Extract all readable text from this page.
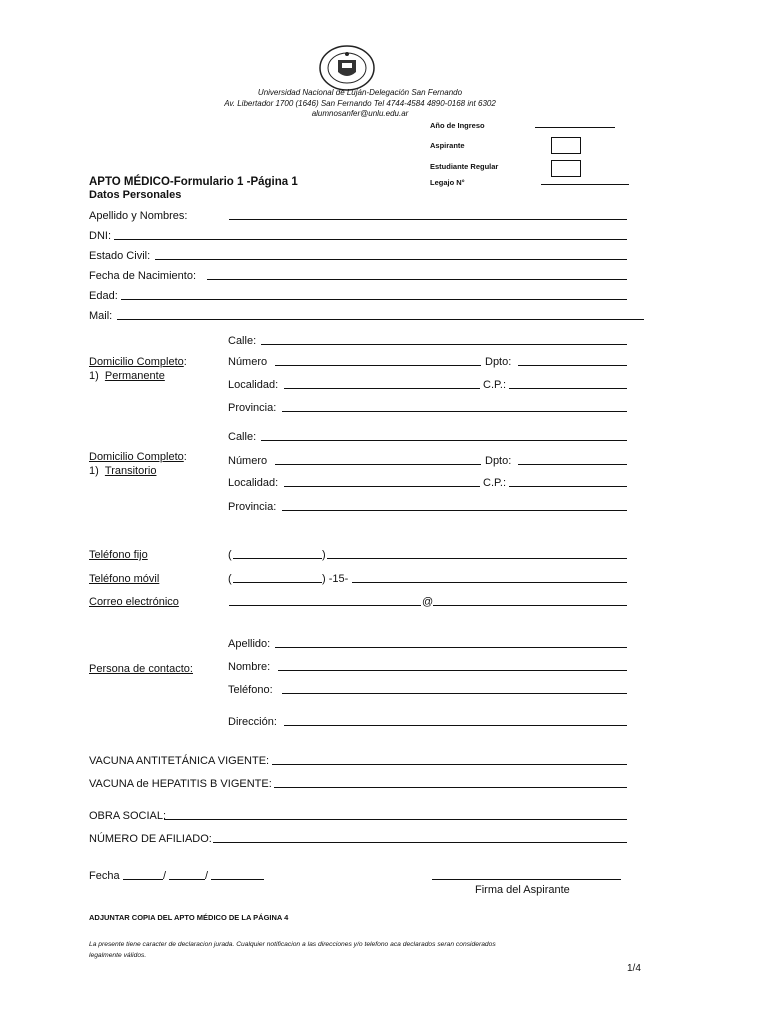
Universidad Nacional de Luján-Delegación San Fernando
Av. Libertador 1700 (1646) San Fernando Tel 4744-4584 4890-0168 int 6302
alumnosanfer@unlu.edu.ar
Año de Ingreso
Aspirante
Estudiante Regular
Legajo N°
APTO MÉDICO-Formulario 1 -Página 1
Datos Personales
Apellido y Nombres:
DNI:
Estado Civil:
Fecha de Nacimiento:
Edad:
Mail:
Calle:
Domicilio Completo:
1) Permanente
Número	Dpto:
Localidad:	C.P.:
Provincia:
Calle:
Domicilio Completo:
1) Transitorio
Número	Dpto:
Localidad:	C.P.:
Provincia:
Teléfono fijo	(	)
Teléfono móvil	(	) -15-
Correo electrónico	@
Apellido:
Persona de contacto:	Nombre:
Teléfono:
Dirección:
VACUNA ANTITETÁNICA VIGENTE:
VACUNA de HEPATITIS B VIGENTE:
OBRA SOCIAL:
NÚMERO DE AFILIADO:
Fecha	/	/
Firma del Aspirante
ADJUNTAR COPIA DEL APTO MÉDICO DE LA PÁGINA 4
La presente tiene caracter de declaracion jurada. Cualquier notificacion a las direcciones y/o telefono aca declarados seran considerados
legalmente válidos.
1/4
